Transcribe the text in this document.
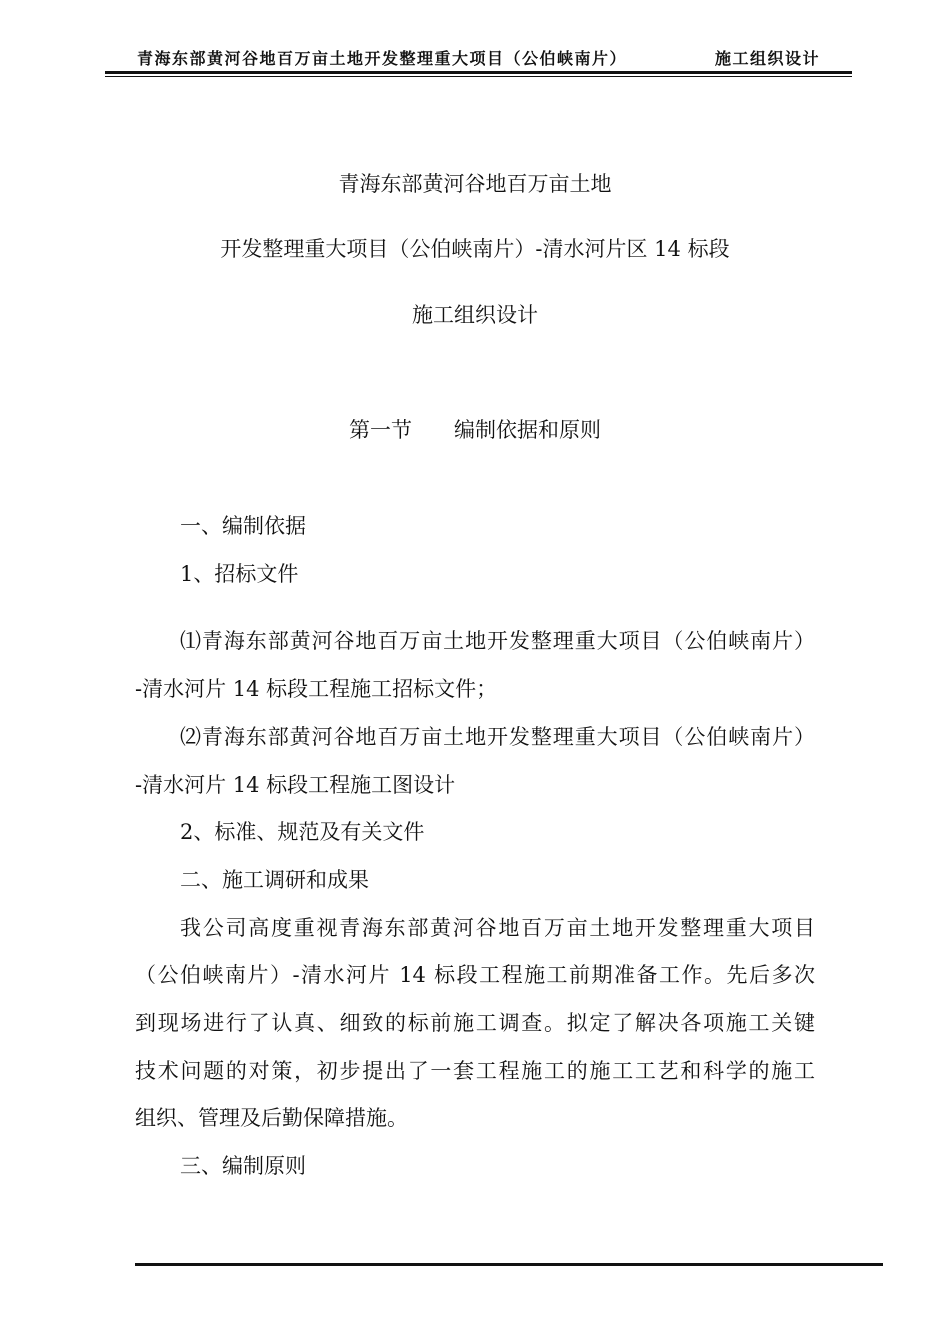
青海东部黄河谷地百万亩土地开发整理重大项目（公伯峡南片）	施工组织设计
青海东部黄河谷地百万亩土地
开发整理重大项目（公伯峡南片）-清水河片区 14 标段
施工组织设计
第一节　　编制依据和原则
一、编制依据
1、招标文件
⑴青海东部黄河谷地百万亩土地开发整理重大项目（公伯峡南片）
-清水河片 14 标段工程施工招标文件；
⑵青海东部黄河谷地百万亩土地开发整理重大项目（公伯峡南片）
-清水河片 14 标段工程施工图设计
2、标准、规范及有关文件
二、施工调研和成果
我公司高度重视青海东部黄河谷地百万亩土地开发整理重大项目
（公伯峡南片）-清水河片 14 标段工程施工前期准备工作。先后多次
到现场进行了认真、细致的标前施工调查。拟定了解决各项施工关键
技术问题的对策，初步提出了一套工程施工的施工工艺和科学的施工
组织、管理及后勤保障措施。
三、编制原则
